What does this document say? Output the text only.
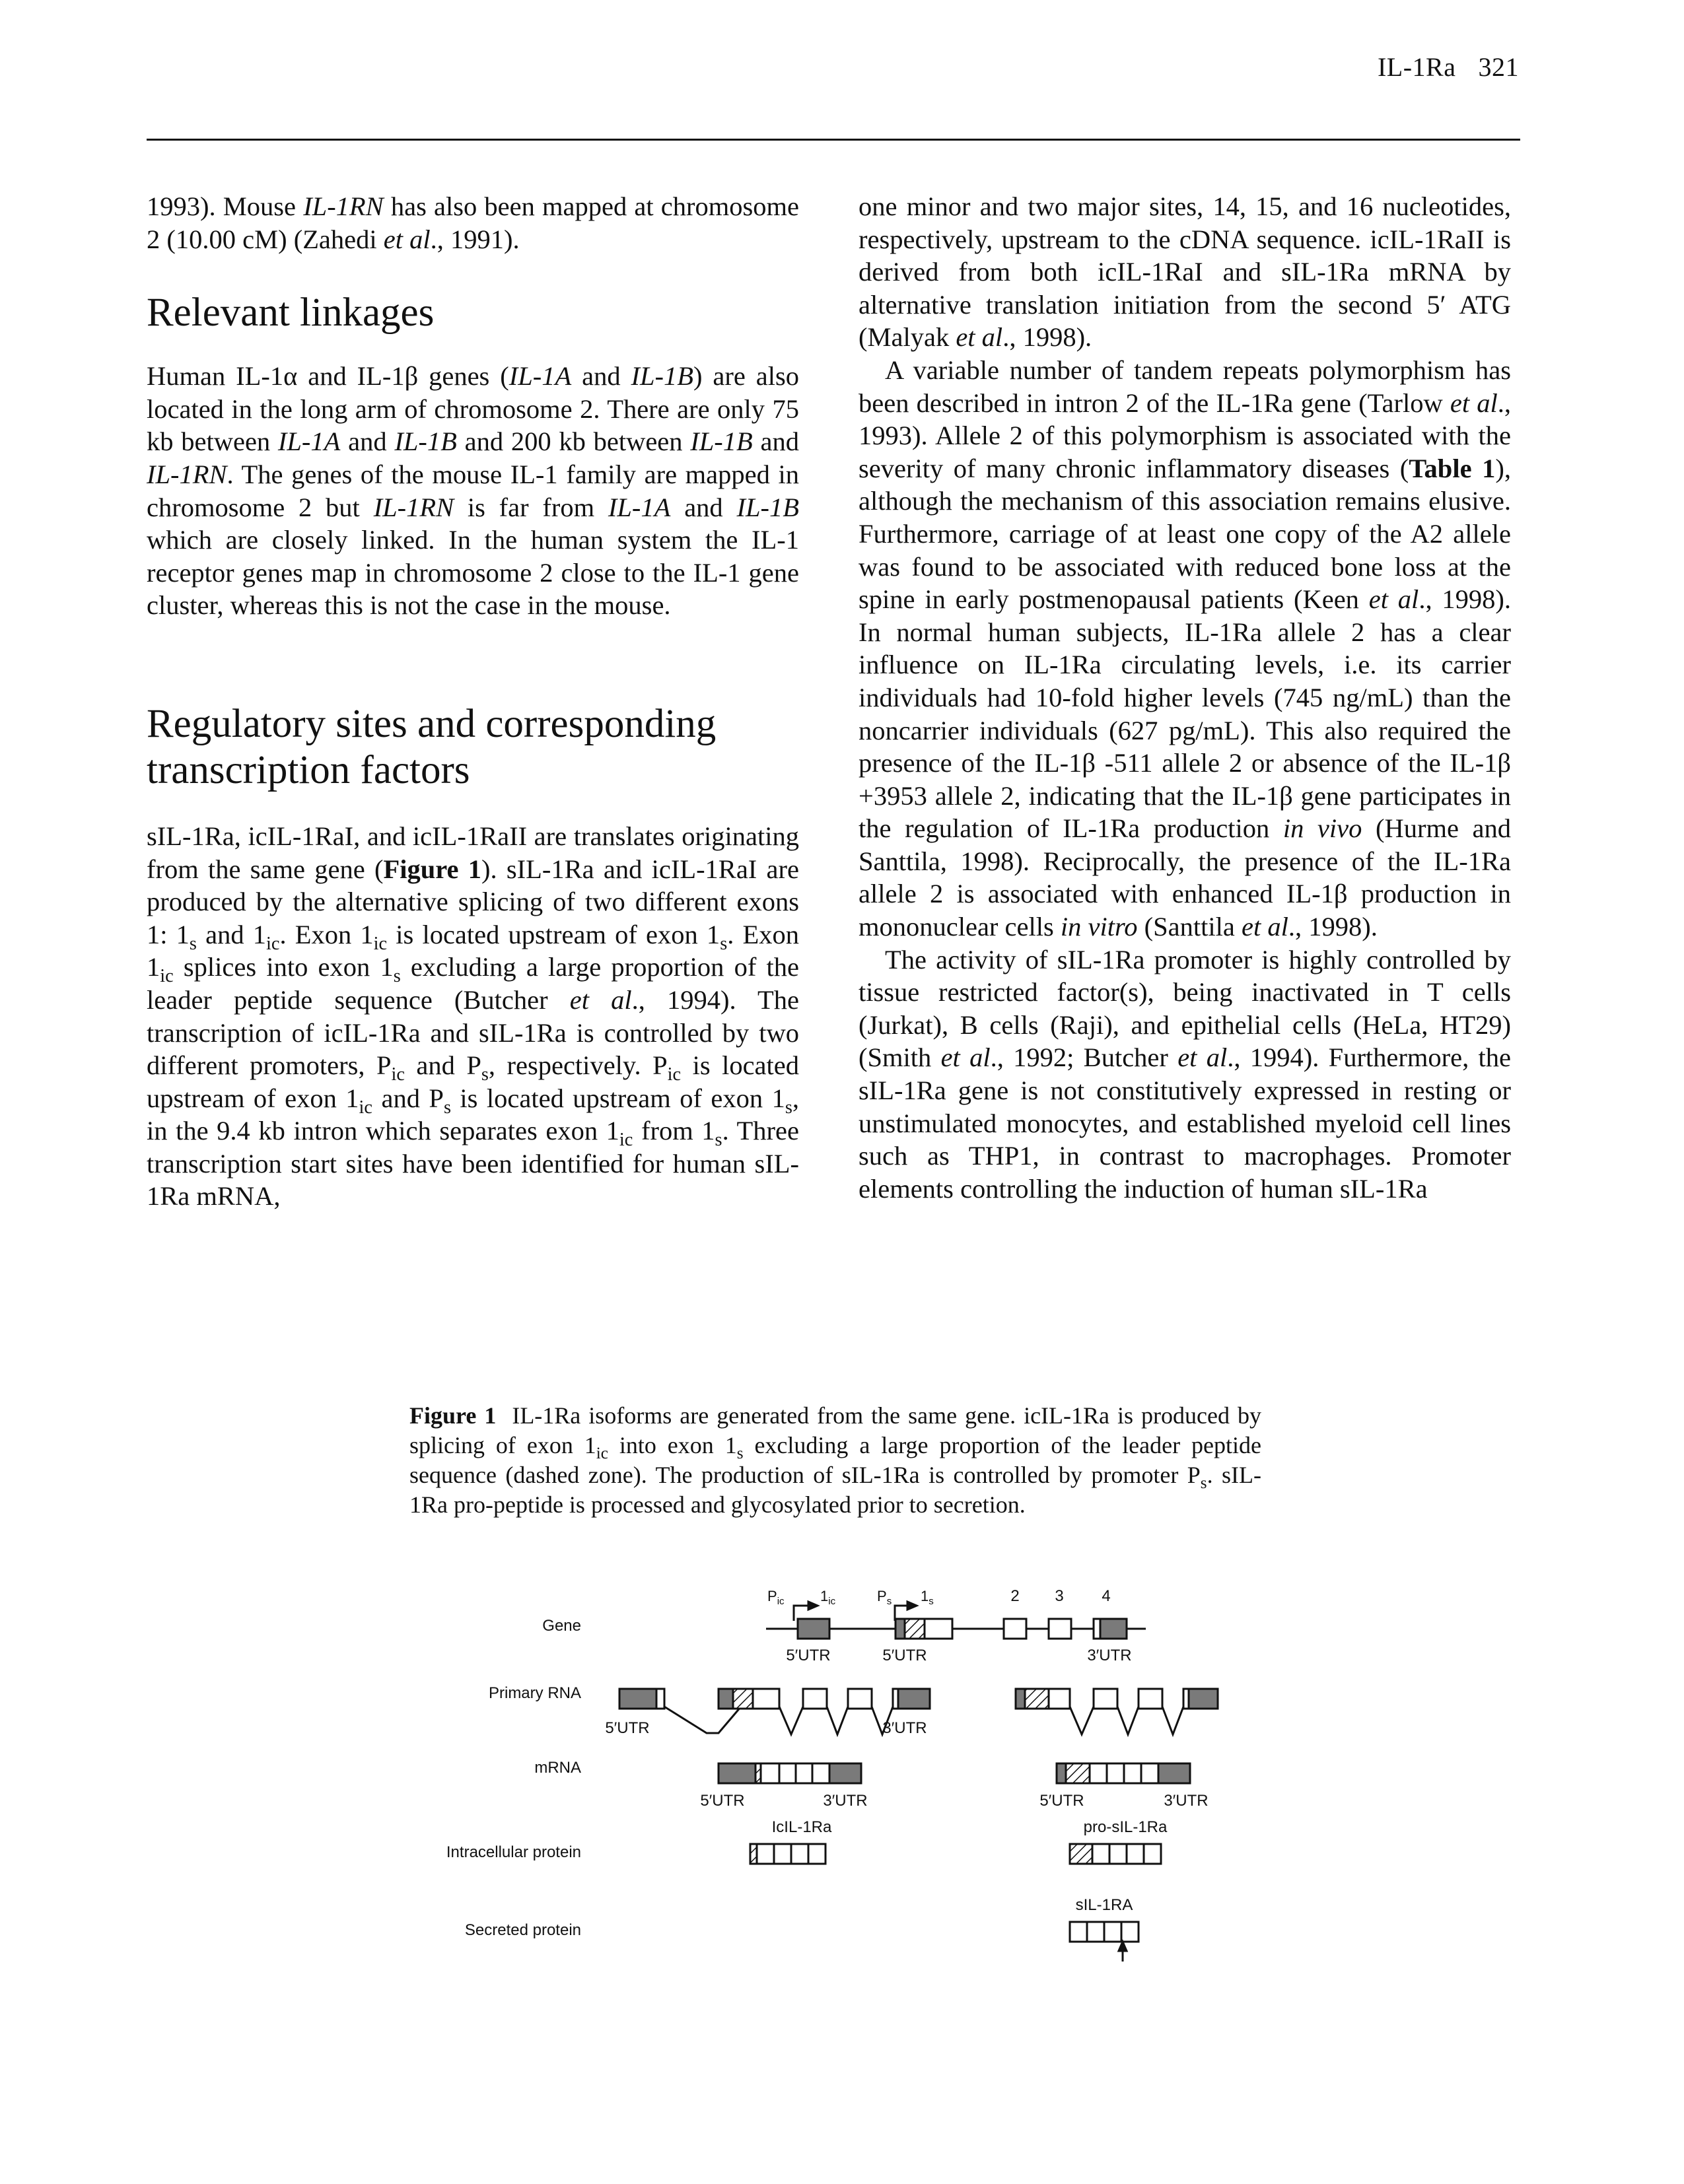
IL-1Ra 321

1993). Mouse IL-1RN has also been mapped at chromosome 2 (10.00 cM) (Zahedi et al., 1991).

Relevant linkages

Human IL-1α and IL-1β genes (IL-1A and IL-1B) are also located in the long arm of chromosome 2. There are only 75 kb between IL-1A and IL-1B and 200 kb between IL-1B and IL-1RN. The genes of the mouse IL-1 family are mapped in chromosome 2 but IL-1RN is far from IL-1A and IL-1B which are closely linked. In the human system the IL-1 receptor genes map in chromosome 2 close to the IL-1 gene cluster, whereas this is not the case in the mouse.

Regulatory sites and corresponding transcription factors

sIL-1Ra, icIL-1RaI, and icIL-1RaII are translates originating from the same gene (Figure 1). sIL-1Ra and icIL-1RaI are produced by the alternative splicing of two different exons 1: $1_s$ and $1_{ic}$. Exon $1_{ic}$ is located upstream of exon $1_s$. Exon $1_{ic}$ splices into exon $1_s$ excluding a large proportion of the leader peptide sequence (Butcher et al., 1994). The transcription of icIL-1Ra and sIL-1Ra is controlled by two different promoters, $P_{ic}$ and $P_s$, respectively. $P_{ic}$ is located upstream of exon $1_{ic}$ and $P_s$ is located upstream of exon $1_s$, in the 9.4 kb intron which separates exon $1_{ic}$ from $1_s$. Three transcription start sites have been identified for human sIL-1Ra mRNA,

one minor and two major sites, 14, 15, and 16 nucleotides, respectively, upstream to the cDNA sequence. icIL-1RaII is derived from both icIL-1RaI and sIL-1Ra mRNA by alternative translation initiation from the second 5′ ATG (Malyak et al., 1998).

A variable number of tandem repeats polymorphism has been described in intron 2 of the IL-1Ra gene (Tarlow et al., 1993). Allele 2 of this polymorphism is associated with the severity of many chronic inflammatory diseases (Table 1), although the mechanism of this association remains elusive. Furthermore, carriage of at least one copy of the A2 allele was found to be associated with reduced bone loss at the spine in early postmenopausal patients (Keen et al., 1998). In normal human subjects, IL-1Ra allele 2 has a clear influence on IL-1Ra circulating levels, i.e. its carrier individuals had 10-fold higher levels (745 ng/mL) than the noncarrier individuals (627 pg/mL). This also required the presence of the IL-1β -511 allele 2 or absence of the IL-1β +3953 allele 2, indicating that the IL-1β gene participates in the regulation of IL-1Ra production in vivo (Hurme and Santtila, 1998). Reciprocally, the presence of the IL-1Ra allele 2 is associated with enhanced IL-1β production in mononuclear cells in vitro (Santtila et al., 1998).

The activity of sIL-1Ra promoter is highly controlled by tissue restricted factor(s), being inactivated in T cells (Jurkat), B cells (Raji), and epithelial cells (HeLa, HT29) (Smith et al., 1992; Butcher et al., 1994). Furthermore, the sIL-1Ra gene is not constitutively expressed in resting or unstimulated monocytes, and established myeloid cell lines such as THP1, in contrast to macrophages. Promoter elements controlling the induction of human sIL-1Ra

Figure 1 IL-1Ra isoforms are generated from the same gene. icIL-1Ra is produced by splicing of exon $1_{ic}$ into exon $1_s$ excluding a large proportion of the leader peptide sequence (dashed zone). The production of sIL-1Ra is controlled by promoter $P_s$. sIL-1Ra pro-peptide is processed and glycosylated prior to secretion.
Gene
Primary RNA
mRNA
Intracellular protein
Secreted protein
$P_{ic}$ $1_{ic}$	$P_s$ $1_s$	2 3 4
5′UTR	5′UTR	3′UTR
5′UTR	3′UTR
5′UTR	3′UTR	5′UTR	3′UTR
IcIL-1Ra	pro-sIL-1Ra
sIL-1RA
